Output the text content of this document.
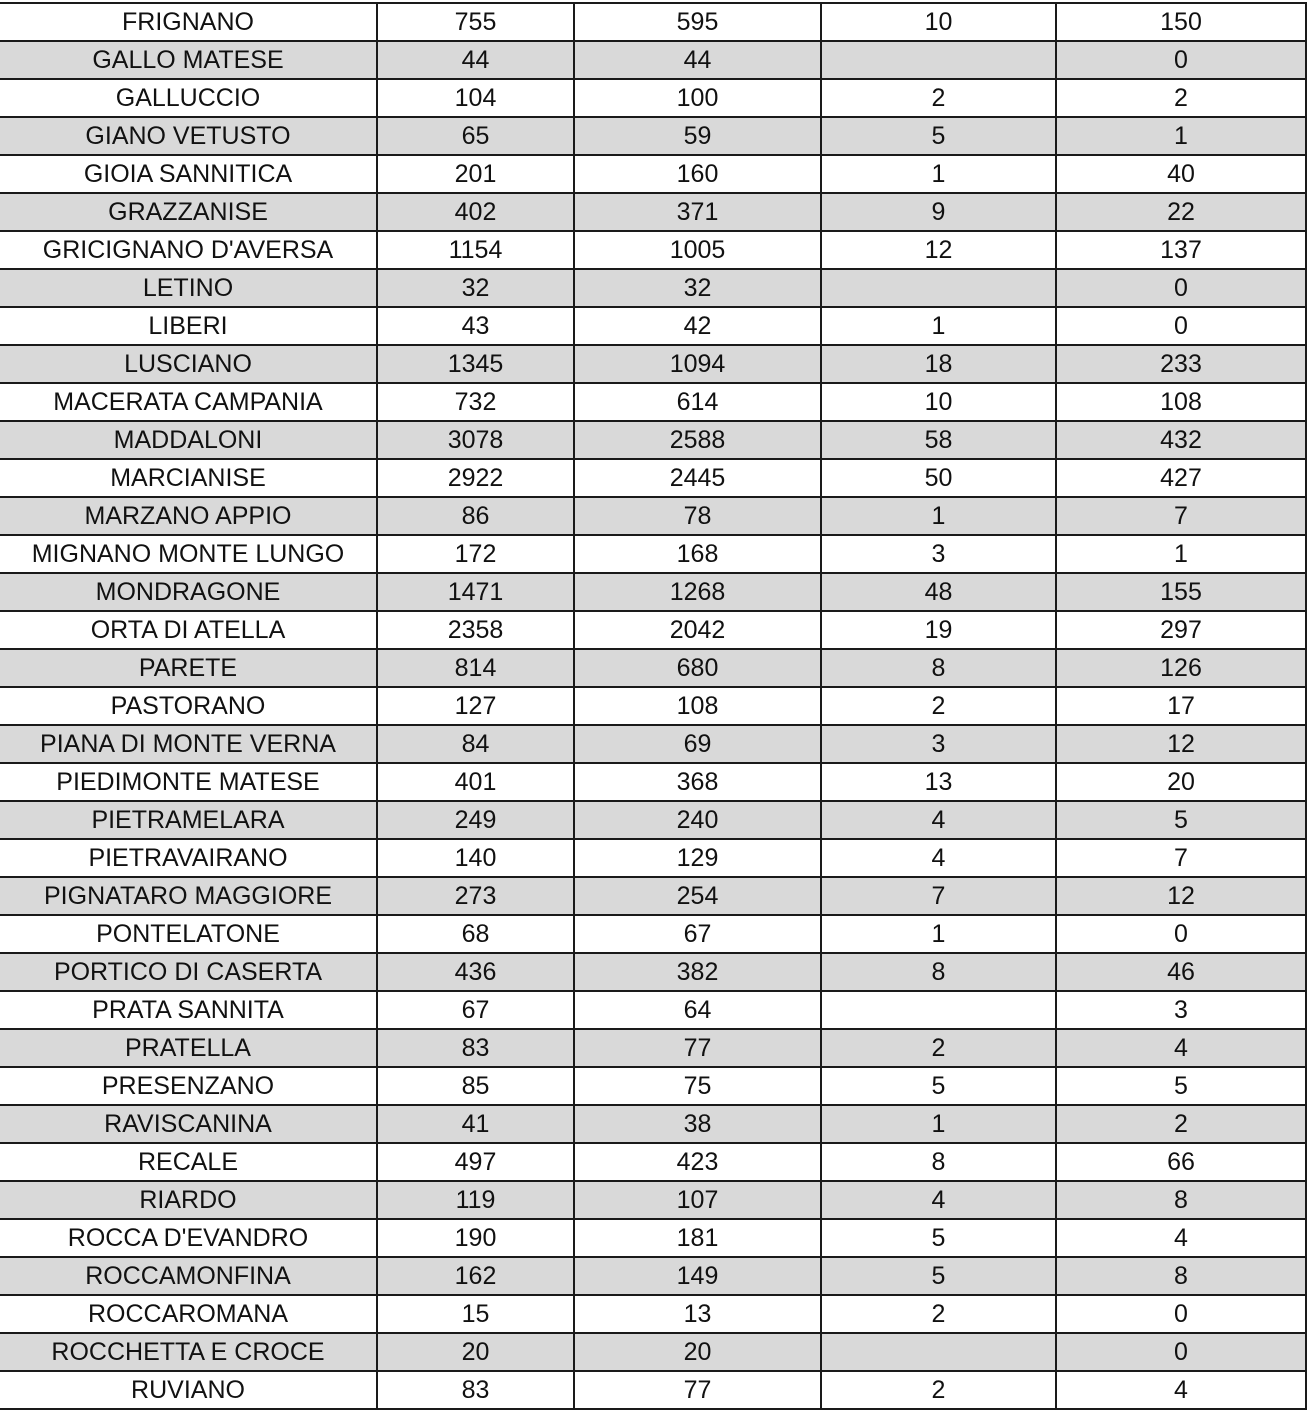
FRIGNANO	755	595	10	150
GALLO MATESE	44	44		0
GALLUCCIO	104	100	2	2
GIANO VETUSTO	65	59	5	1
GIOIA SANNITICA	201	160	1	40
GRAZZANISE	402	371	9	22
GRICIGNANO D'AVERSA	1154	1005	12	137
LETINO	32	32		0
LIBERI	43	42	1	0
LUSCIANO	1345	1094	18	233
MACERATA CAMPANIA	732	614	10	108
MADDALONI	3078	2588	58	432
MARCIANISE	2922	2445	50	427
MARZANO APPIO	86	78	1	7
MIGNANO MONTE LUNGO	172	168	3	1
MONDRAGONE	1471	1268	48	155
ORTA DI ATELLA	2358	2042	19	297
PARETE	814	680	8	126
PASTORANO	127	108	2	17
PIANA DI MONTE VERNA	84	69	3	12
PIEDIMONTE MATESE	401	368	13	20
PIETRAMELARA	249	240	4	5
PIETRAVAIRANO	140	129	4	7
PIGNATARO MAGGIORE	273	254	7	12
PONTELATONE	68	67	1	0
PORTICO DI CASERTA	436	382	8	46
PRATA SANNITA	67	64		3
PRATELLA	83	77	2	4
PRESENZANO	85	75	5	5
RAVISCANINA	41	38	1	2
RECALE	497	423	8	66
RIARDO	119	107	4	8
ROCCA D'EVANDRO	190	181	5	4
ROCCAMONFINA	162	149	5	8
ROCCAROMANA	15	13	2	0
ROCCHETTA E CROCE	20	20		0
RUVIANO	83	77	2	4
